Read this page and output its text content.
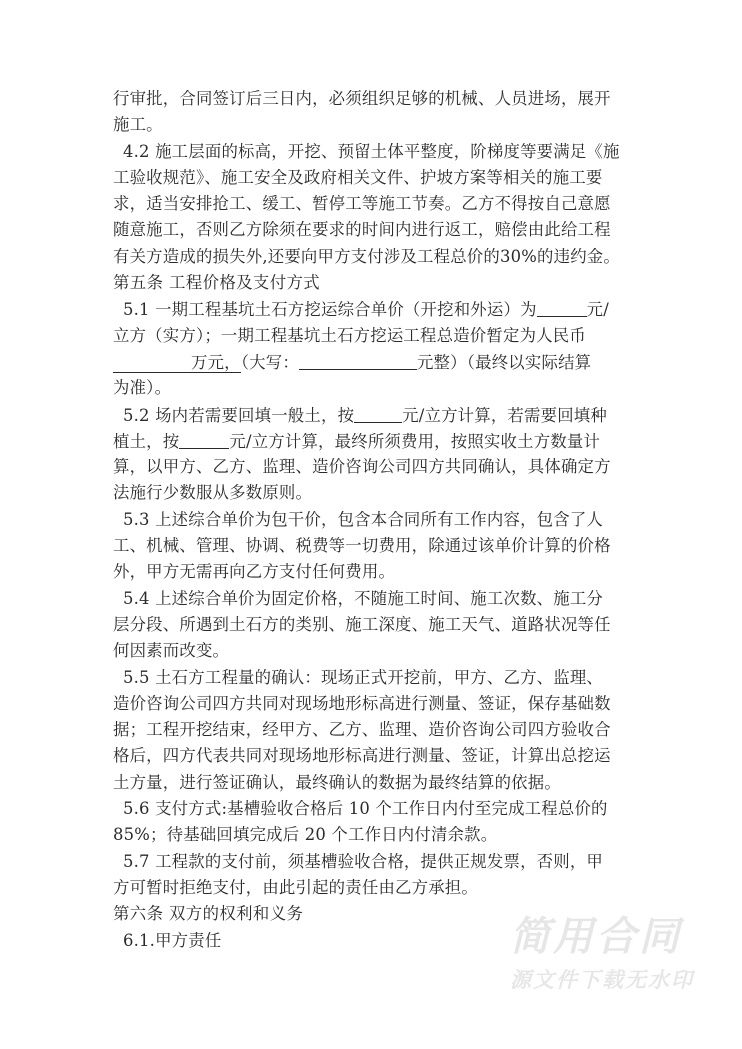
行审批，合同签订后三日内，必须组织足够的机械、人员进场，展开
施工。
4.2 施工层面的标高，开挖、预留土体平整度，阶梯度等要满足《施
工验收规范》、施工安全及政府相关文件、护坡方案等相关的施工要
求，适当安排抢工、缓工、暂停工等施工节奏。乙方不得按自己意愿
随意施工，否则乙方除须在要求的时间内进行返工，赔偿由此给工程
有关方造成的损失外,还要向甲方支付涉及工程总价的30%的违约金。
第五条 工程价格及支付方式
5.1 一期工程基坑土石方挖运综合单价（开挖和外运）为	元/
立方（实方）；一期工程基坑土石方挖运工程总造价暂定为人民币
万元，（大写：	元整）（最终以实际结算
为准）。
5.2 场内若需要回填一般土，按	元/立方计算，若需要回填种
植土，按	元/立方计算，最终所须费用，按照实收土方数量计
算，以甲方、乙方、监理、造价咨询公司四方共同确认，具体确定方
法施行少数服从多数原则。
5.3 上述综合单价为包干价，包含本合同所有工作内容，包含了人
工、机械、管理、协调、税费等一切费用，除通过该单价计算的价格
外，甲方无需再向乙方支付任何费用。
5.4 上述综合单价为固定价格，不随施工时间、施工次数、施工分
层分段、所遇到土石方的类别、施工深度、施工天气、道路状况等任
何因素而改变。
5.5 土石方工程量的确认：现场正式开挖前，甲方、乙方、监理、
造价咨询公司四方共同对现场地形标高进行测量、签证，保存基础数
据；工程开挖结束，经甲方、乙方、监理、造价咨询公司四方验收合
格后，四方代表共同对现场地形标高进行测量、签证，计算出总挖运
土方量，进行签证确认，最终确认的数据为最终结算的依据。
5.6 支付方式:基槽验收合格后 10 个工作日内付至完成工程总价的
85%；待基础回填完成后 20 个工作日内付清余款。
5.7 工程款的支付前，须基槽验收合格，提供正规发票，否则，甲
方可暂时拒绝支付，由此引起的责任由乙方承担。
第六条 双方的权利和义务
6.1.甲方责任	简用合同
源文件下载无水印
